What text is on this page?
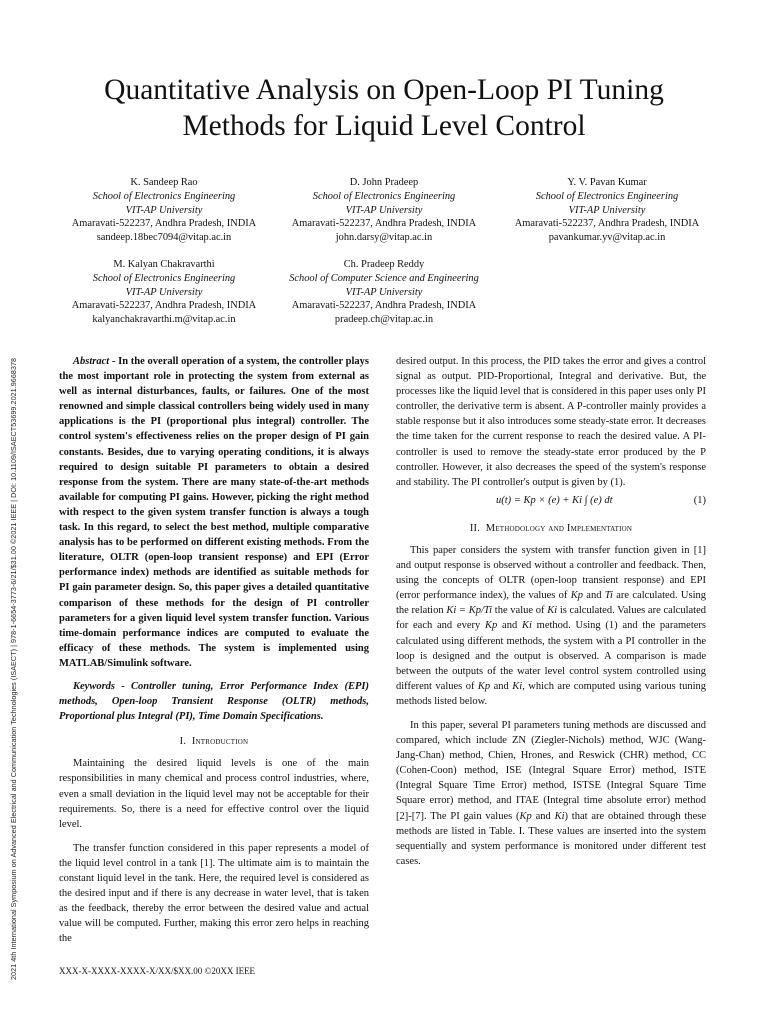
2021 4th International Symposium on Advanced Electrical and Communication Technologies (ISAECT) | 978-1-6654-3773-6/21/$31.00 ©2021 IEEE | DOI: 10.1109/ISAECT53699.2021.9668378
Quantitative Analysis on Open-Loop PI Tuning
Methods for Liquid Level Control
K. Sandeep Rao
School of Electronics Engineering
VIT-AP University
Amaravati-522237, Andhra Pradesh, INDIA
sandeep.18bec7094@vitap.ac.in
D. John Pradeep
School of Electronics Engineering
VIT-AP University
Amaravati-522237, Andhra Pradesh, INDIA
john.darsy@vitap.ac.in
Y. V. Pavan Kumar
School of Electronics Engineering
VIT-AP University
Amaravati-522237, Andhra Pradesh, INDIA
pavankumar.yv@vitap.ac.in
M. Kalyan Chakravarthi
School of Electronics Engineering
VIT-AP University
Amaravati-522237, Andhra Pradesh, INDIA
kalyanchakravarthi.m@vitap.ac.in
Ch. Pradeep Reddy
School of Computer Science and Engineering
VIT-AP University
Amaravati-522237, Andhra Pradesh, INDIA
pradeep.ch@vitap.ac.in

Abstract - In the overall operation of a system, the controller plays the most important role in protecting the system from external as well as internal disturbances, faults, or failures. One of the most renowned and simple classical controllers being widely used in many applications is the PI (proportional plus integral) controller. The control system's effectiveness relies on the proper design of PI gain constants. Besides, due to varying operating conditions, it is always required to design suitable PI parameters to obtain a desired response from the system. There are many state-of-the-art methods available for computing PI gains. However, picking the right method with respect to the given system transfer function is always a tough task. In this regard, to select the best method, multiple comparative analysis has to be performed on different existing methods. From the literature, OLTR (open-loop transient response) and EPI (Error performance index) methods are identified as suitable methods for PI gain parameter design. So, this paper gives a detailed quantitative comparison of these methods for the design of PI controller parameters for a given liquid level system transfer function. Various time-domain performance indices are computed to evaluate the efficacy of these methods. The system is implemented using MATLAB/Simulink software.

Keywords - Controller tuning, Error Performance Index (EPI) methods, Open-loop Transient Response (OLTR) methods, Proportional plus Integral (PI), Time Domain Specifications.

I. Introduction

Maintaining the desired liquid levels is one of the main responsibilities in many chemical and process control industries, where, even a small deviation in the liquid level may not be acceptable for their requirements. So, there is a need for effective control over the liquid level.

The transfer function considered in this paper represents a model of the liquid level control in a tank [1]. The ultimate aim is to maintain the constant liquid level in the tank. Here, the required level is considered as the desired input and if there is any decrease in water level, that is taken as the feedback, thereby the error between the desired value and actual value will be computed. Further, making this error zero helps in reaching the

desired output. In this process, the PID takes the error and gives a control signal as output. PID-Proportional, Integral and derivative. But, the processes like the liquid level that is considered in this paper uses only PI controller, the derivative term is absent. A P-controller mainly provides a stable response but it also introduces some steady-state error. It decreases the time taken for the current response to reach the desired value. A PI-controller is used to remove the steady-state error produced by the P controller. However, it also decreases the speed of the system's response and stability. The PI controller's output is given by (1).

u(t) = Kp × (e) + Ki ∫ (e) dt	(1)

II. Methodology and Implementation

This paper considers the system with transfer function given in [1] and output response is observed without a controller and feedback. Then, using the concepts of OLTR (open-loop transient response) and EPI (error performance index), the values of Kp and Ti are calculated. Using the relation Ki = Kp/Ti the value of Ki is calculated. Values are calculated for each and every Kp and Ki method. Using (1) and the parameters calculated using different methods, the system with a PI controller in the loop is designed and the output is observed. A comparison is made between the outputs of the water level control system controlled using different values of Kp and Ki, which are computed using various tuning methods listed below.

In this paper, several PI parameters tuning methods are discussed and compared, which include ZN (Ziegler-Nichols) method, WJC (Wang-Jang-Chan) method, Chien, Hrones, and Reswick (CHR) method, CC (Cohen-Coon) method, ISE (Integral Square Error) method, ISTE (Integral Square Time Error) method, ISTSE (Integral Square Time Square error) method, and ITAE (Integral time absolute error) method [2]-[7]. The PI gain values (Kp and Ki) that are obtained through these methods are listed in Table. I. These values are inserted into the system sequentially and system performance is monitored under different test cases.

XXX-X-XXXX-XXXX-X/XX/$XX.00 ©20XX IEEE
